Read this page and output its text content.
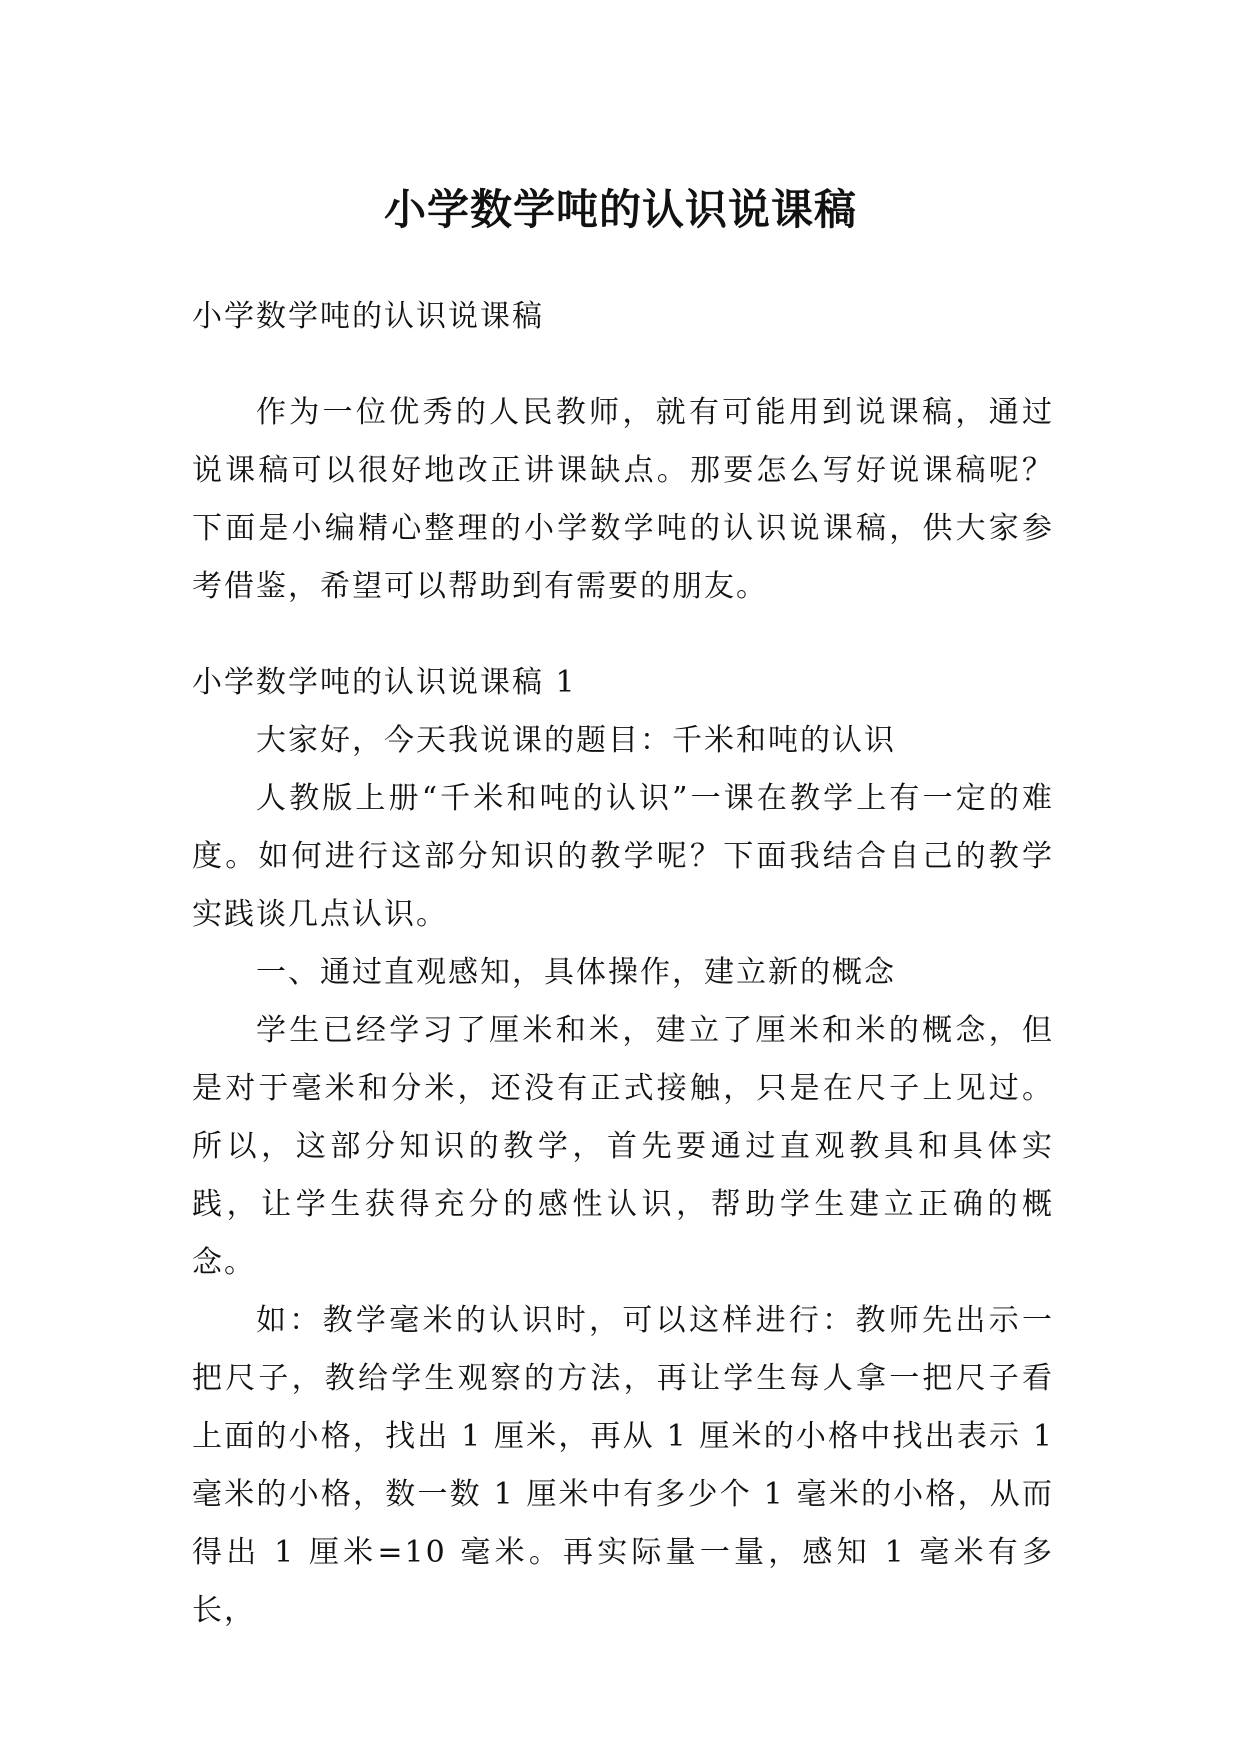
小学数学吨的认识说课稿

小学数学吨的认识说课稿

作为一位优秀的人民教师，就有可能用到说课稿，通过说课稿可以很好地改正讲课缺点。那要怎么写好说课稿呢？下面是小编精心整理的小学数学吨的认识说课稿，供大家参考借鉴，希望可以帮助到有需要的朋友。

小学数学吨的认识说课稿 1

大家好，今天我说课的题目：千米和吨的认识

人教版上册“千米和吨的认识”一课在教学上有一定的难度。如何进行这部分知识的教学呢？下面我结合自己的教学实践谈几点认识。

一、通过直观感知，具体操作，建立新的概念

学生已经学习了厘米和米，建立了厘米和米的概念，但是对于毫米和分米，还没有正式接触，只是在尺子上见过。所以，这部分知识的教学，首先要通过直观教具和具体实践，让学生获得充分的感性认识，帮助学生建立正确的概念。

如：教学毫米的认识时，可以这样进行：教师先出示一把尺子，教给学生观察的方法，再让学生每人拿一把尺子看上面的小格，找出 1 厘米，再从 1 厘米的小格中找出表示 1 毫米的小格，数一数 1 厘米中有多少个 1 毫米的小格，从而得出 1 厘米=10 毫米。再实际量一量，感知 1 毫米有多长，
